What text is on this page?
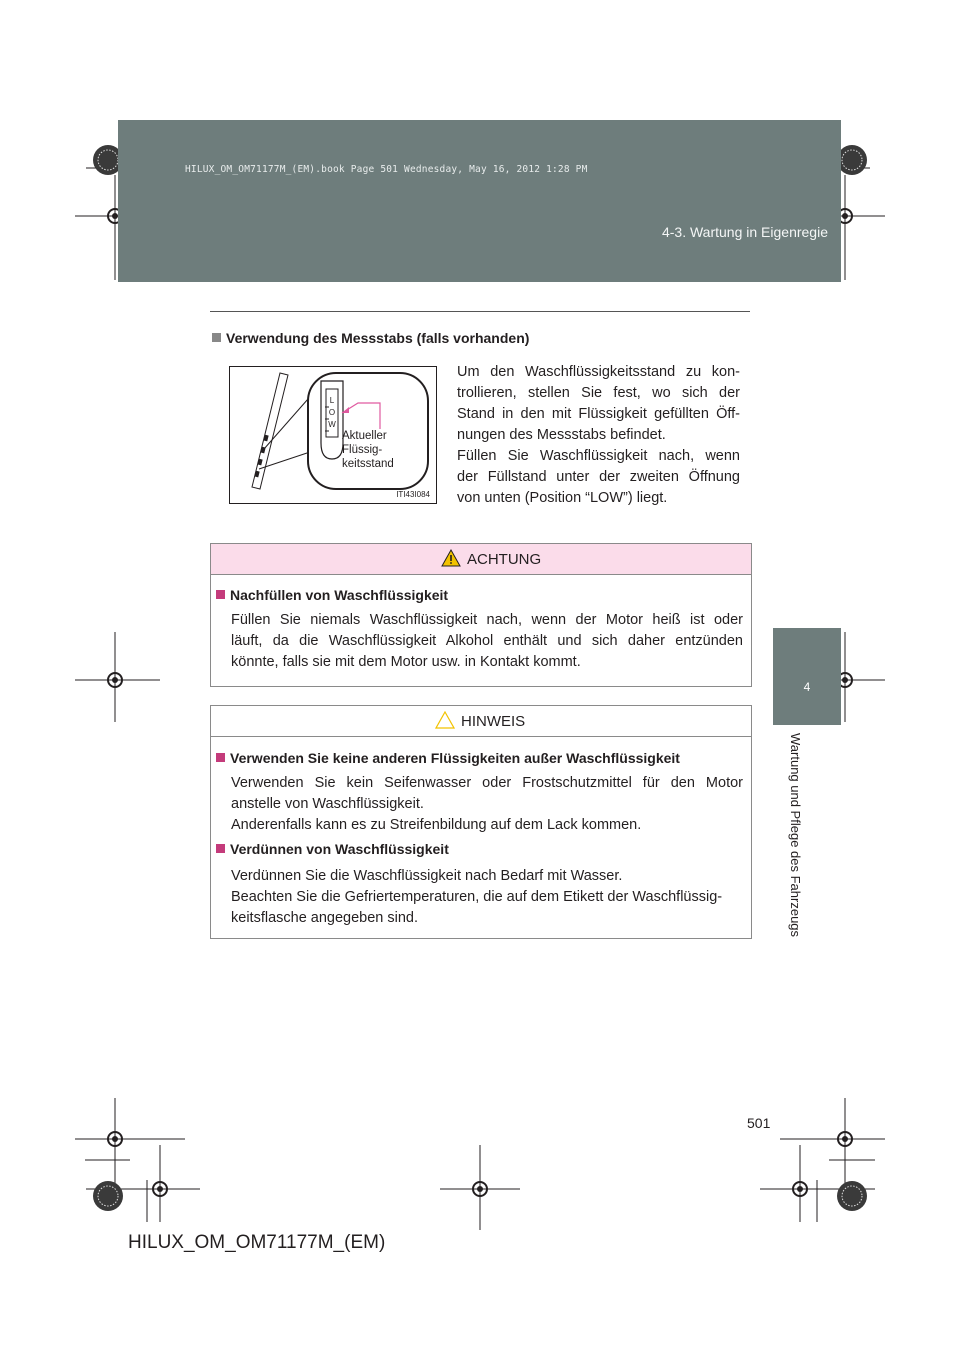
HILUX_OM_OM71177M_(EM).book Page 501 Wednesday, May 16, 2012 1:28 PM
4-3. Wartung in Eigenregie
4
Wartung und Pflege des Fahrzeugs
Verwendung des Messstabs (falls vorhanden)
L
O
W
Aktueller
Flüssig-
keitsstand
ITI43I084
Um den Waschflüssigkeitsstand zu kon-
trollieren, stellen Sie fest, wo sich der
Stand in den mit Flüssigkeit gefüllten Öff-
nungen des Messstabs befindet.
Füllen Sie Waschflüssigkeit nach, wenn
der Füllstand unter der zweiten Öffnung
von unten (Position “LOW”) liegt.
ACHTUNG
Nachfüllen von Waschflüssigkeit
Füllen Sie niemals Waschflüssigkeit nach, wenn der Motor heiß ist oder
läuft, da die Waschflüssigkeit Alkohol enthält und sich daher entzünden
könnte, falls sie mit dem Motor usw. in Kontakt kommt.
HINWEIS
Verwenden Sie keine anderen Flüssigkeiten außer Waschflüssigkeit
Verwenden Sie kein Seifenwasser oder Frostschutzmittel für den Motor
anstelle von Waschflüssigkeit.
Anderenfalls kann es zu Streifenbildung auf dem Lack kommen.
Verdünnen von Waschflüssigkeit
Verdünnen Sie die Waschflüssigkeit nach Bedarf mit Wasser.
Beachten Sie die Gefriertemperaturen, die auf dem Etikett der Waschflüssig-
keitsflasche angegeben sind.
501
HILUX_OM_OM71177M_(EM)
